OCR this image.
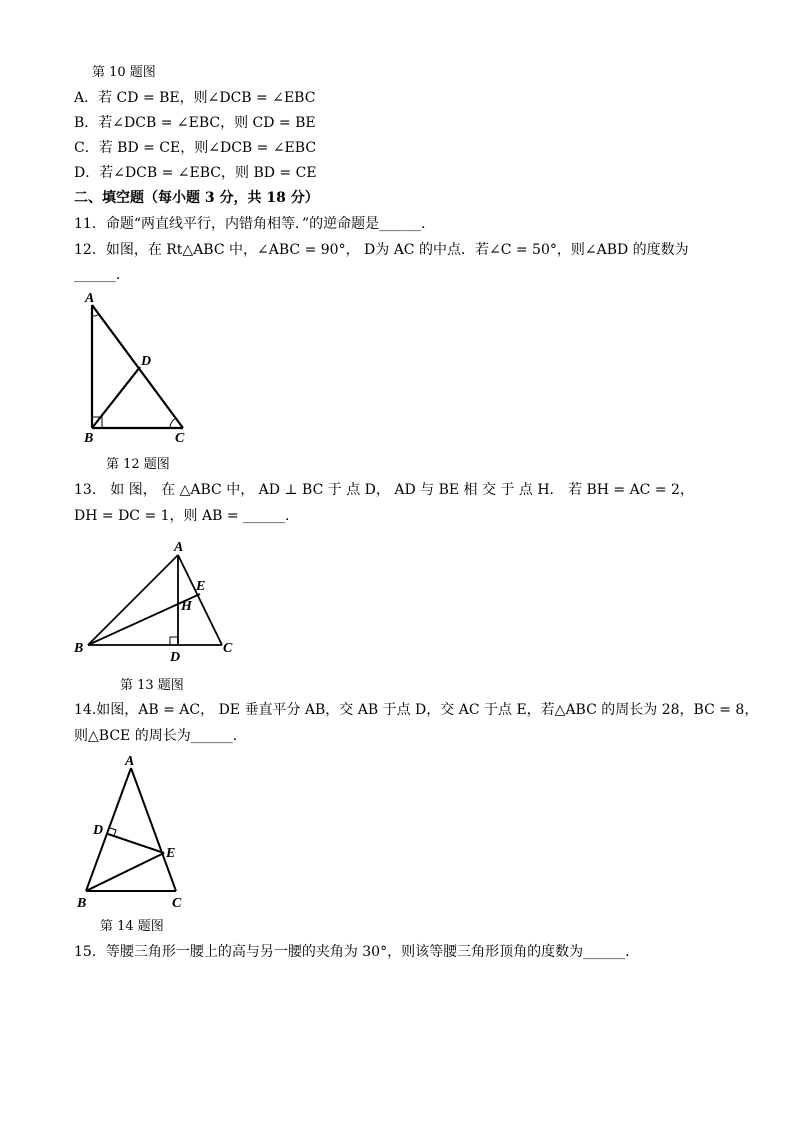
第 10 题图
A．若 CD = BE，则∠DCB = ∠EBC
B．若∠DCB = ∠EBC，则 CD = BE
C．若 BD = CE，则∠DCB = ∠EBC
D．若∠DCB = ∠EBC，则 BD = CE
二、填空题（每小题 3 分，共 18 分）
11．命题“两直线平行，内错角相等．”的逆命题是______．
12．如图，在 Rt△ABC 中，∠ABC = 90°， D为 AC 的中点．若∠C = 50°，则∠ABD 的度数为
______．
A
B	C
D
第 12 题图
13． 如 图， 在 △ABC 中， AD ⊥ BC 于 点 D， AD 与 BE 相 交 于 点 H． 若 BH = AC = 2，
DH = DC = 1，则 AB = ______．
A
B	C
D
E
H
第 13 题图
14.如图，AB = AC， DE 垂直平分 AB，交 AB 于点 D，交 AC 于点 E，若△ABC 的周长为 28，BC = 8，
则△BCE 的周长为______．
A
B	C
D
E
第 14 题图
15．等腰三角形一腰上的高与另一腰的夹角为 30°，则该等腰三角形顶角的度数为______．
